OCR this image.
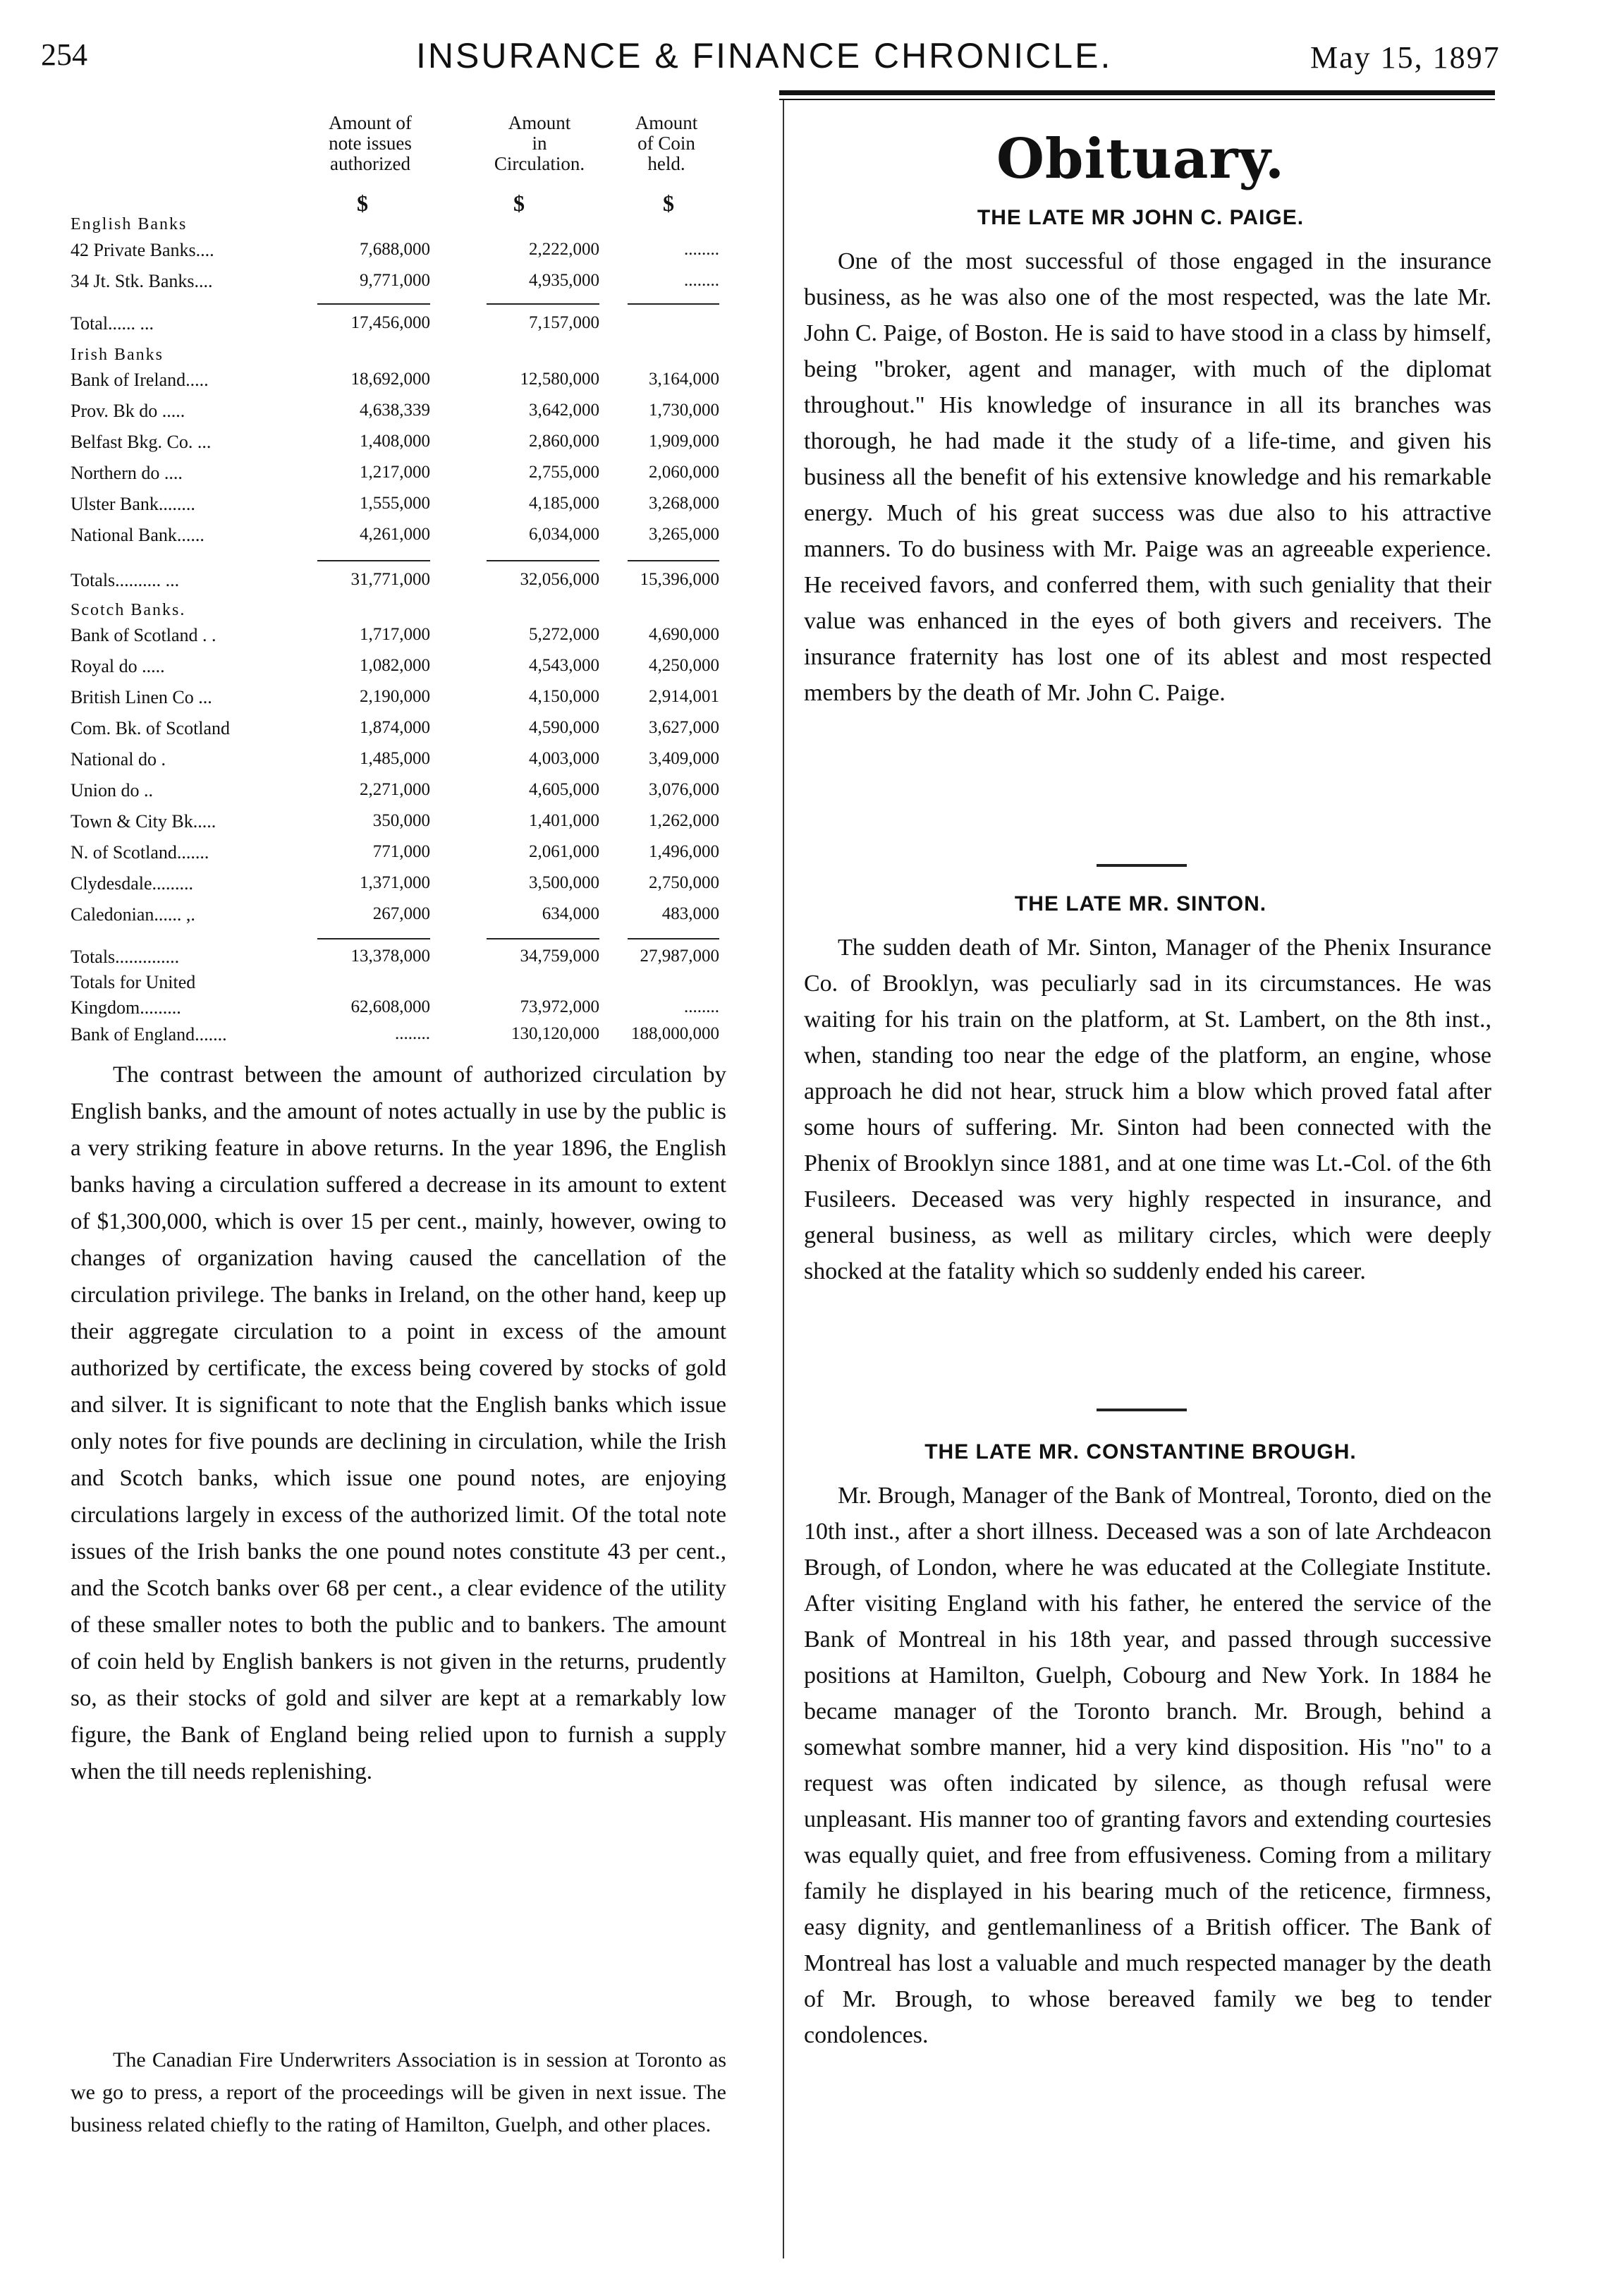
254	INSURANCE & FINANCE CHRONICLE.	May 15, 1897
Amount of
note issues
authorized
Amount
in
Circulation.
Amount
of Coin
held.
$	$	$
English Banks
42 Private Banks....	7,688,000	2,222,000	........
34 Jt. Stk. Banks....	9,771,000	4,935,000	........
Total...... ...	17,456,000	7,157,000
Irish Banks
Bank of Ireland.....	18,692,000	12,580,000	3,164,000
Prov. Bk do .....	4,638,339	3,642,000	1,730,000
Belfast Bkg. Co. ...	1,408,000	2,860,000	1,909,000
Northern do ....	1,217,000	2,755,000	2,060,000
Ulster Bank........	1,555,000	4,185,000	3,268,000
National Bank......	4,261,000	6,034,000	3,265,000
Totals.......... ...	31,771,000	32,056,000	15,396,000
Scotch Banks.
Bank of Scotland . .	1,717,000	5,272,000	4,690,000
Royal do .....	1,082,000	4,543,000	4,250,000
British Linen Co ...	2,190,000	4,150,000	2,914,001
Com. Bk. of Scotland	1,874,000	4,590,000	3,627,000
National do .	1,485,000	4,003,000	3,409,000
Union do ..	2,271,000	4,605,000	3,076,000
Town & City Bk.....	350,000	1,401,000	1,262,000
N. of Scotland.......	771,000	2,061,000	1,496,000
Clydesdale.........	1,371,000	3,500,000	2,750,000
Caledonian...... ,.	267,000	634,000	483,000
Totals..............	13,378,000	34,759,000	27,987,000
Totals for United
Kingdom.........	62,608,000	73,972,000	........
Bank of England.......	........	130,120,000	188,000,000

The contrast between the amount of authorized circulation by English banks, and the amount of notes actually in use by the public is a very striking feature in above returns. In the year 1896, the English banks having a circulation suffered a decrease in its amount to extent of $1,300,000, which is over 15 per cent., mainly, however, owing to changes of organization having caused the cancellation of the circulation privilege. The banks in Ireland, on the other hand, keep up their aggregate circulation to a point in excess of the amount authorized by certificate, the excess being covered by stocks of gold and silver. It is significant to note that the English banks which issue only notes for five pounds are declining in circulation, while the Irish and Scotch banks, which issue one pound notes, are enjoying circulations largely in excess of the authorized limit. Of the total note issues of the Irish banks the one pound notes constitute 43 per cent., and the Scotch banks over 68 per cent., a clear evidence of the utility of these smaller notes to both the public and to bankers. The amount of coin held by English bankers is not given in the returns, prudently so, as their stocks of gold and silver are kept at a remarkably low figure, the Bank of England being relied upon to furnish a supply when the till needs replenishing.

The Canadian Fire Underwriters Association is in session at Toronto as we go to press, a report of the proceedings will be given in next issue. The business related chiefly to the rating of Hamilton, Guelph, and other places.

Obituary.
THE LATE MR JOHN C. PAIGE.

One of the most successful of those engaged in the insurance business, as he was also one of the most respected, was the late Mr. John C. Paige, of Boston. He is said to have stood in a class by himself, being "broker, agent and manager, with much of the diplomat throughout." His knowledge of insurance in all its branches was thorough, he had made it the study of a life-time, and given his business all the benefit of his extensive knowledge and his remarkable energy. Much of his great success was due also to his attractive manners. To do business with Mr. Paige was an agreeable experience. He received favors, and conferred them, with such geniality that their value was enhanced in the eyes of both givers and receivers. The insurance fraternity has lost one of its ablest and most respected members by the death of Mr. John C. Paige.

THE LATE MR. SINTON.

The sudden death of Mr. Sinton, Manager of the Phenix Insurance Co. of Brooklyn, was peculiarly sad in its circumstances. He was waiting for his train on the platform, at St. Lambert, on the 8th inst., when, standing too near the edge of the platform, an engine, whose approach he did not hear, struck him a blow which proved fatal after some hours of suffering. Mr. Sinton had been connected with the Phenix of Brooklyn since 1881, and at one time was Lt.-Col. of the 6th Fusileers. Deceased was very highly respected in insurance, and general business, as well as military circles, which were deeply shocked at the fatality which so suddenly ended his career.

THE LATE MR. CONSTANTINE BROUGH.

Mr. Brough, Manager of the Bank of Montreal, Toronto, died on the 10th inst., after a short illness. Deceased was a son of late Archdeacon Brough, of London, where he was educated at the Collegiate Institute. After visiting England with his father, he entered the service of the Bank of Montreal in his 18th year, and passed through successive positions at Hamilton, Guelph, Cobourg and New York. In 1884 he became manager of the Toronto branch. Mr. Brough, behind a somewhat sombre manner, hid a very kind disposition. His "no" to a request was often indicated by silence, as though refusal were unpleasant. His manner too of granting favors and extending courtesies was equally quiet, and free from effusiveness. Coming from a military family he displayed in his bearing much of the reticence, firmness, easy dignity, and gentlemanliness of a British officer. The Bank of Montreal has lost a valuable and much respected manager by the death of Mr. Brough, to whose bereaved family we beg to tender condolences.
